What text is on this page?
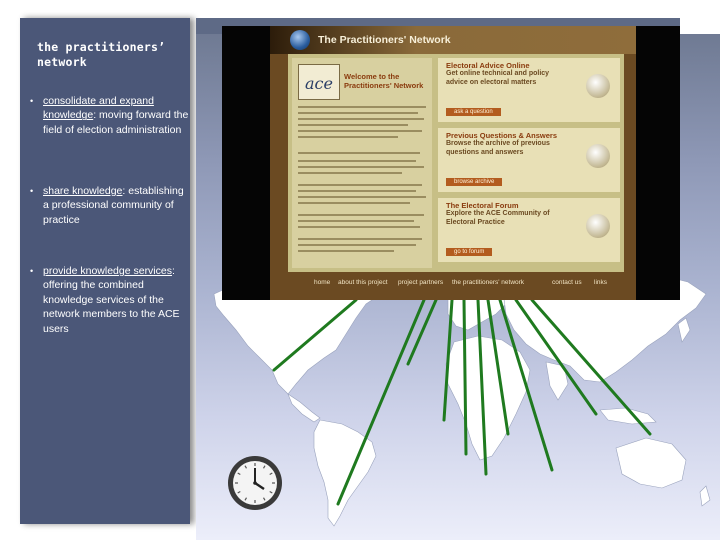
the practitioners’ network
• consolidate and expand knowledge: moving forward the field of election administration
• share knowledge: establishing a professional community of practice
• provide knowledge services: offering the combined knowledge services of the network members to the ACE users
The Practitioners' Network
ace	Welcome to the Practitioners' Network
Electoral Advice Online
Get online technical and policy advice on electoral matters
ask a question
Previous Questions & Answers
Browse the archive of previous questions and answers
browse archive
The Electoral Forum
Explore the ACE Community of Electoral Practice
go to forum
home about this project project partners the practitioners' network	contact us links
